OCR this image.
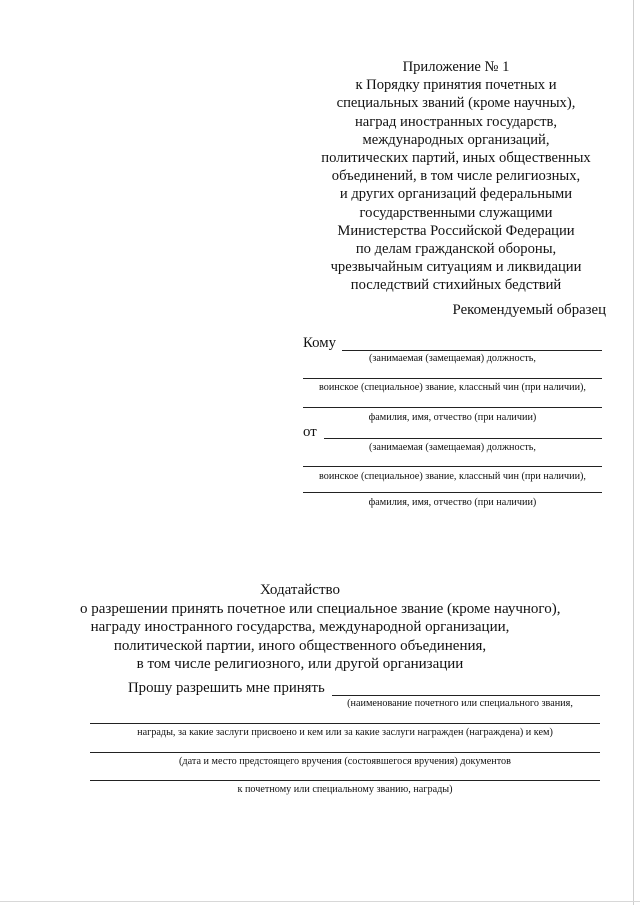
Приложение № 1
к Порядку принятия почетных и
специальных званий (кроме научных),
наград иностранных государств,
международных организаций,
политических партий, иных общественных
объединений, в том числе религиозных,
и других организаций федеральными
государственными служащими
Министерства Российской Федерации
по делам гражданской обороны,
чрезвычайным ситуациям и ликвидации
последствий стихийных бедствий
Рекомендуемый образец
Кому
(занимаемая (замещаемая) должность,
воинское (специальное) звание, классный чин (при наличии),
фамилия, имя, отчество (при наличии)
от
(занимаемая (замещаемая) должность,
воинское (специальное) звание, классный чин (при наличии),
фамилия, имя, отчество (при наличии)
Ходатайство
о разрешении принять почетное или специальное звание (кроме научного),
награду иностранного государства, международной организации,
политической партии, иного общественного объединения,
в том числе религиозного, или другой организации
Прошу разрешить мне принять
(наименование почетного или специального звания,
награды, за какие заслуги присвоено и кем или за какие заслуги награжден (награждена) и кем)
(дата и место предстоящего вручения (состоявшегося вручения) документов
к почетному или специальному званию, награды)
